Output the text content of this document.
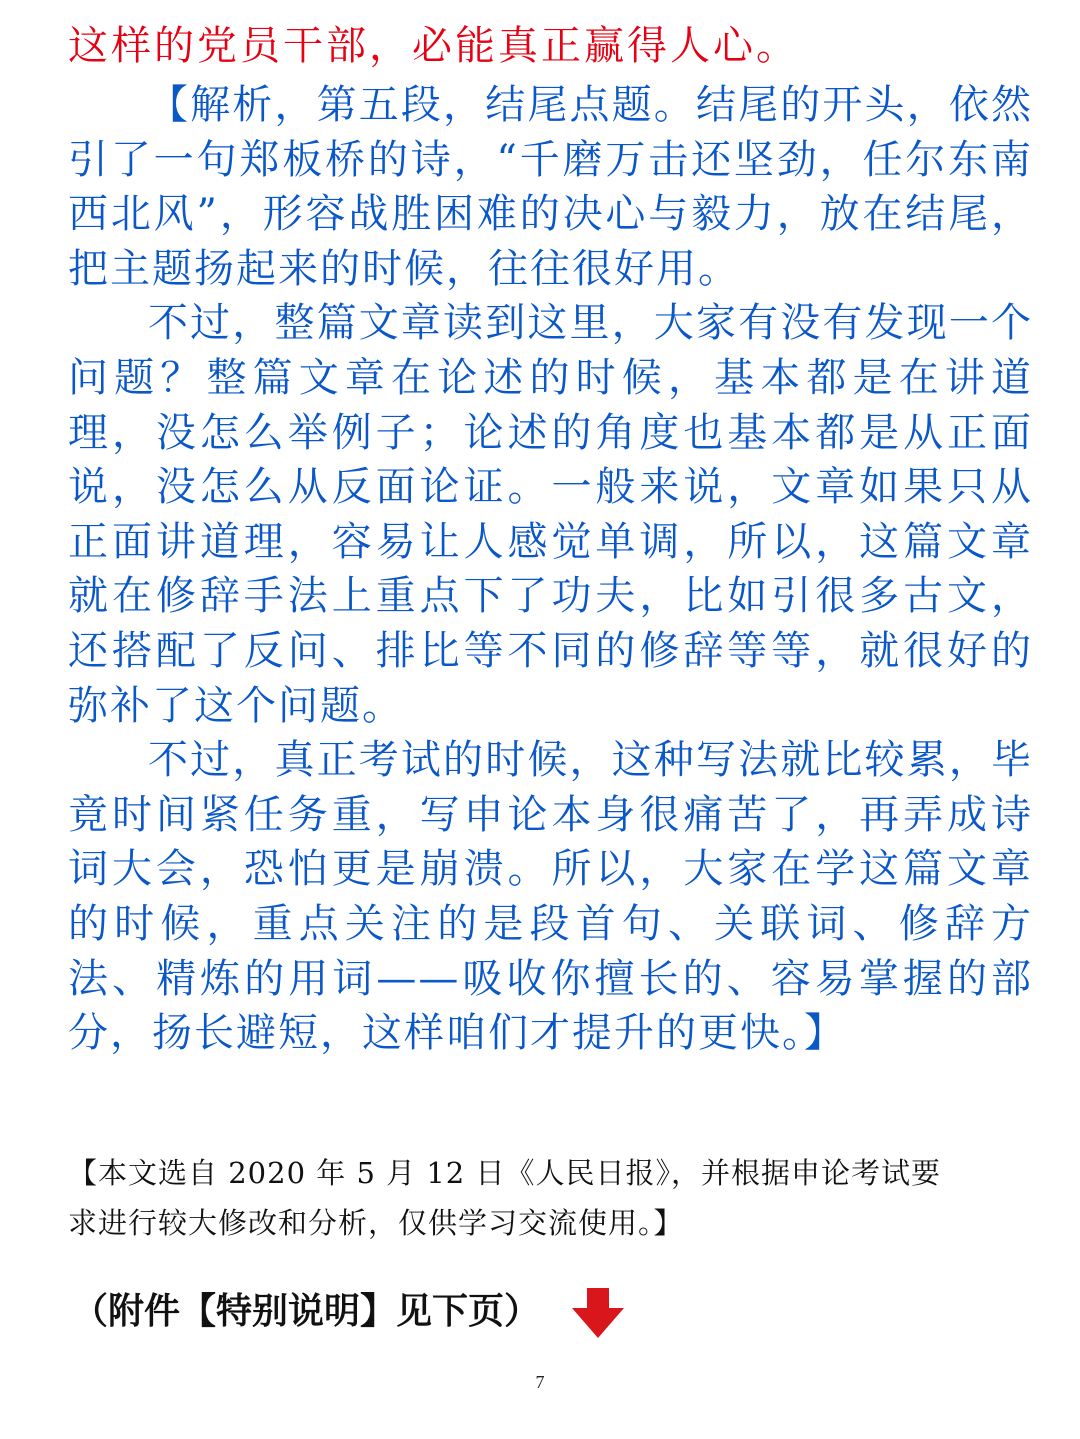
这样的党员干部，必能真正赢得人心。

【解析，第五段，结尾点题。结尾的开头，依然引了一句郑板桥的诗，“千磨万击还坚劲，任尔东南西北风”，形容战胜困难的决心与毅力，放在结尾，把主题扬起来的时候，往往很好用。

不过，整篇文章读到这里，大家有没有发现一个问题？整篇文章在论述的时候，基本都是在讲道理，没怎么举例子；论述的角度也基本都是从正面说，没怎么从反面论证。一般来说，文章如果只从正面讲道理，容易让人感觉单调，所以，这篇文章就在修辞手法上重点下了功夫，比如引很多古文，还搭配了反问、排比等不同的修辞等等，就很好的弥补了这个问题。

不过，真正考试的时候，这种写法就比较累，毕竟时间紧任务重，写申论本身很痛苦了，再弄成诗词大会，恐怕更是崩溃。所以，大家在学这篇文章的时候，重点关注的是段首句、关联词、修辞方法、精炼的用词——吸收你擅长的、容易掌握的部分，扬长避短，这样咱们才提升的更快。】

【本文选自 2020 年 5 月 12 日《人民日报》，并根据申论考试要

求进行较大修改和分析，仅供学习交流使用。】

（附件【特别说明】见下页）
7
